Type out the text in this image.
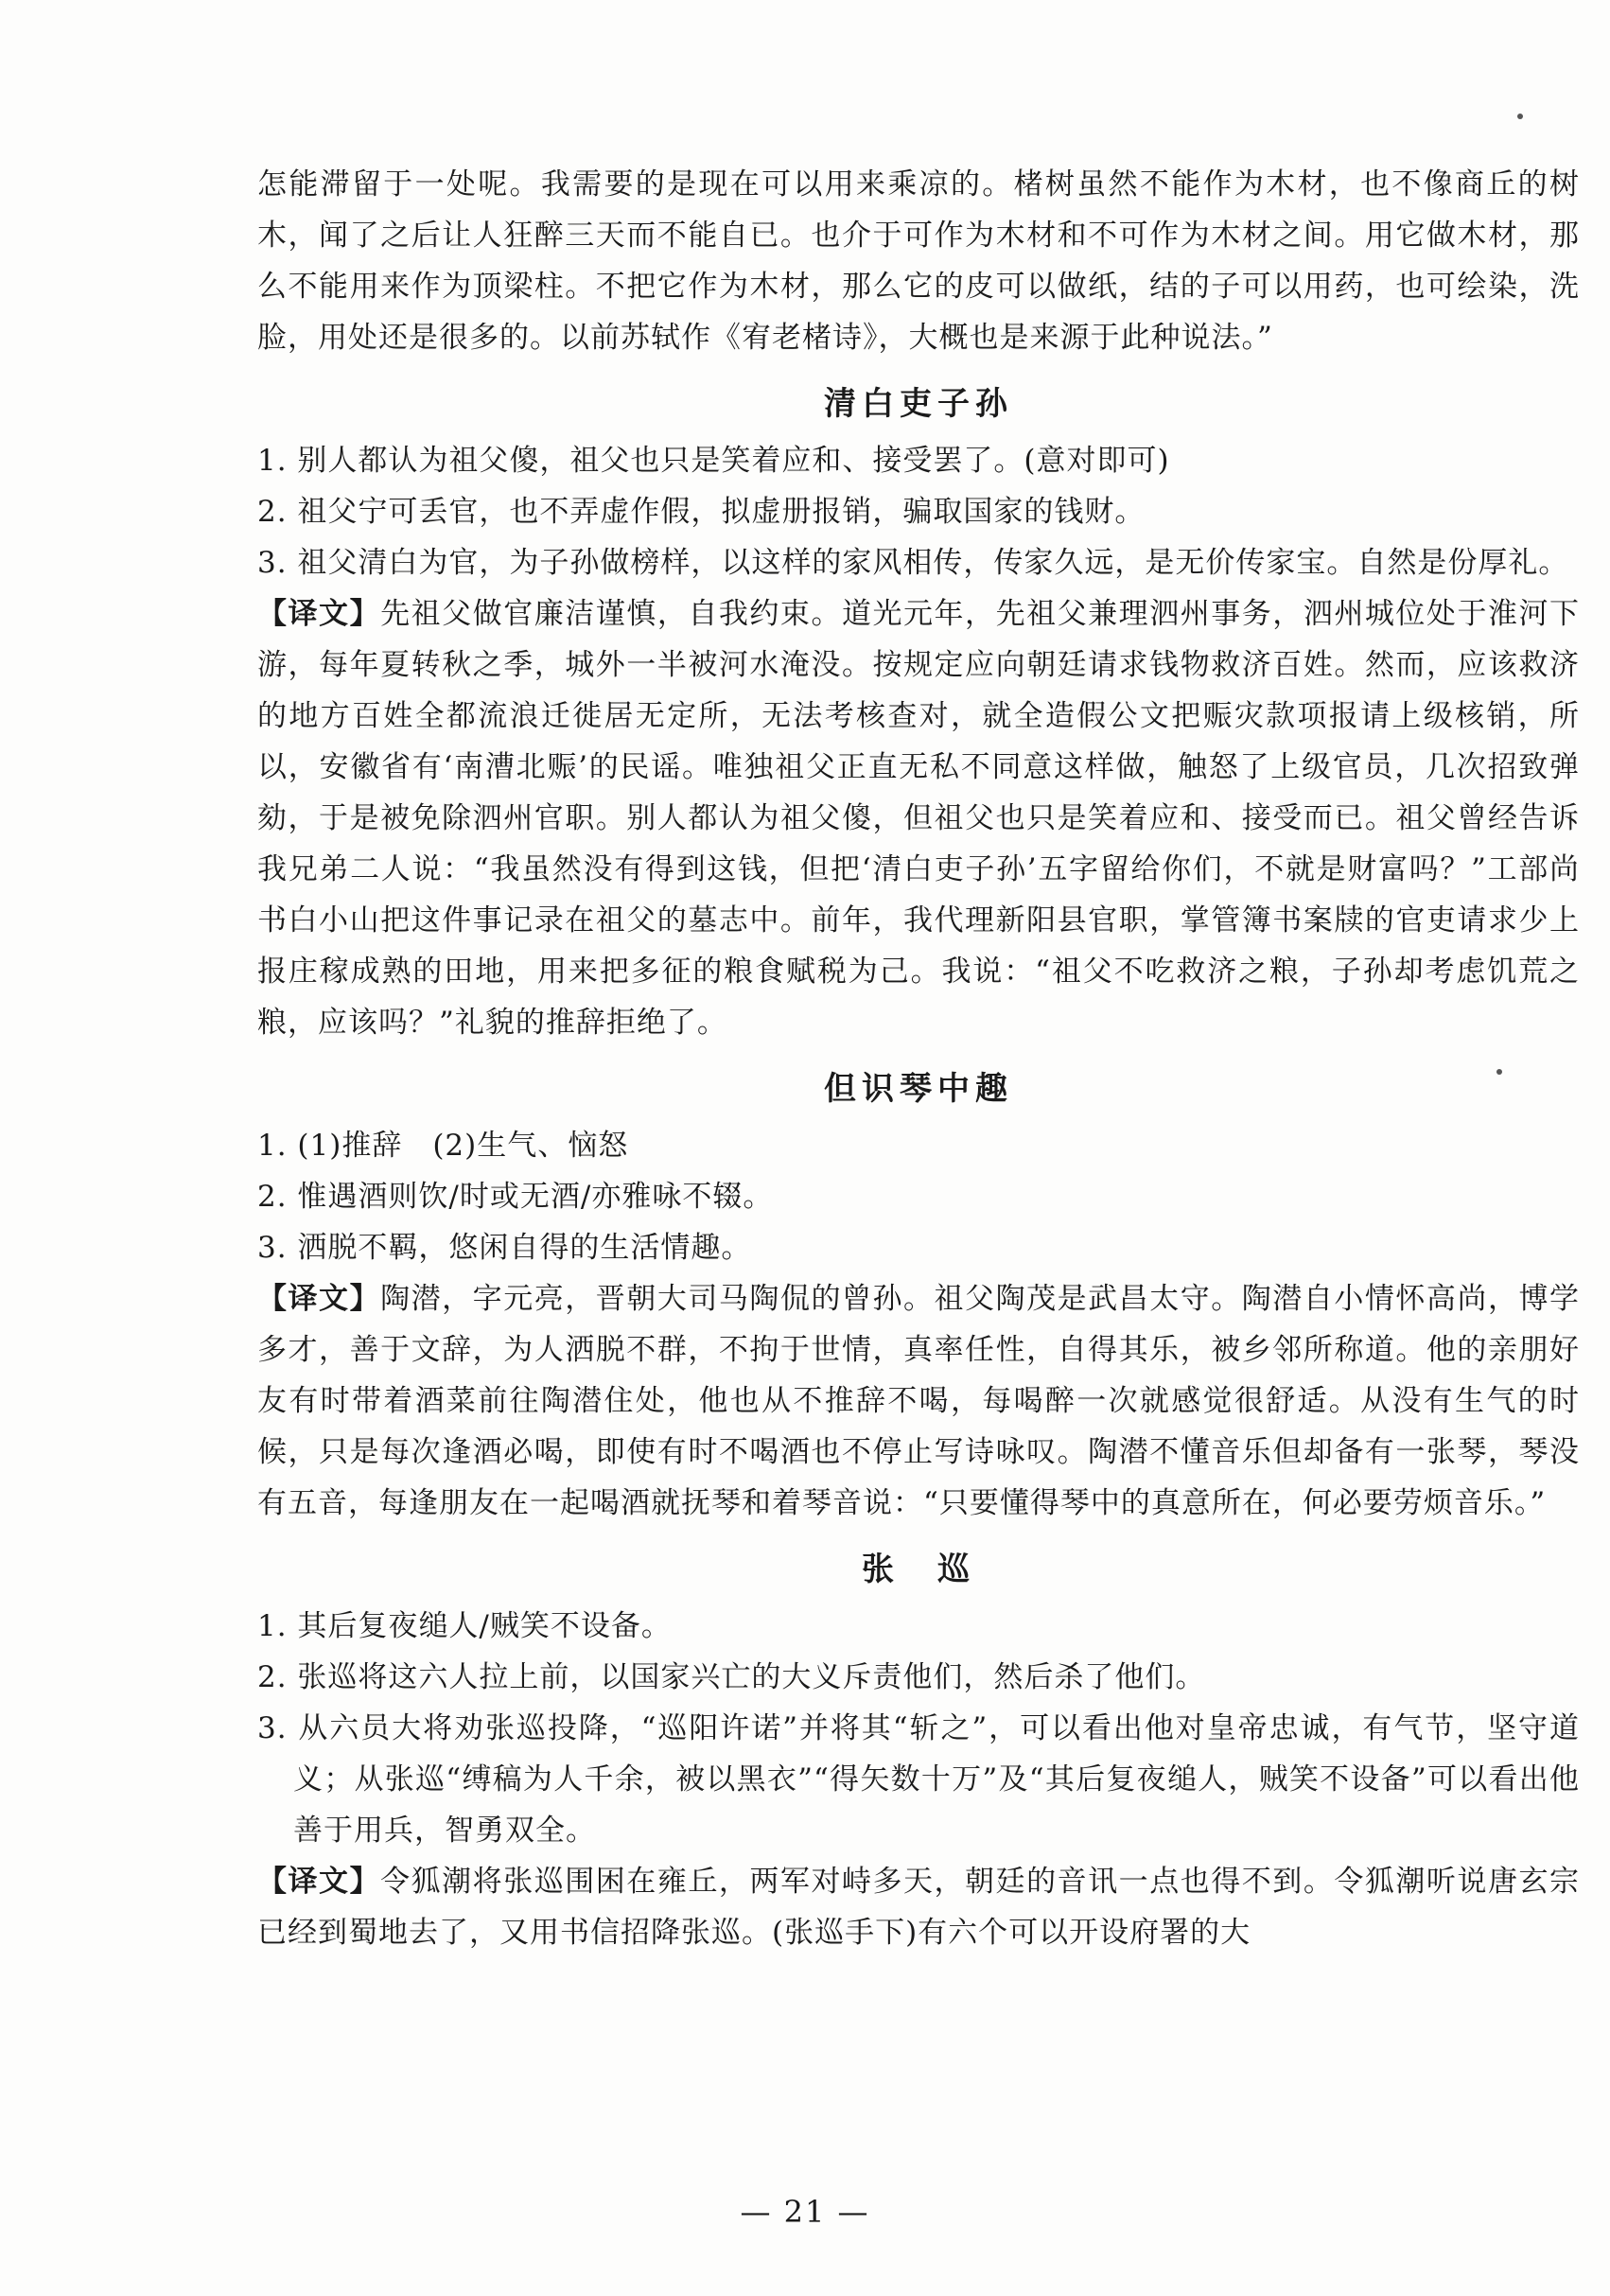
怎能滞留于一处呢。我需要的是现在可以用来乘凉的。楮树虽然不能作为木材，也不像商丘的树木，闻了之后让人狂醉三天而不能自已。也介于可作为木材和不可作为木材之间。用它做木材，那么不能用来作为顶梁柱。不把它作为木材，那么它的皮可以做纸，结的子可以用药，也可绘染，洗脸，用处还是很多的。以前苏轼作《宥老楮诗》，大概也是来源于此种说法。”

清白吏子孙
1. 别人都认为祖父傻，祖父也只是笑着应和、接受罢了。(意对即可)
2. 祖父宁可丢官，也不弄虚作假，拟虚册报销，骗取国家的钱财。
3. 祖父清白为官，为子孙做榜样，以这样的家风相传，传家久远，是无价传家宝。自然是份厚礼。

【译文】先祖父做官廉洁谨慎，自我约束。道光元年，先祖父兼理泗州事务，泗州城位处于淮河下游，每年夏转秋之季，城外一半被河水淹没。按规定应向朝廷请求钱物救济百姓。然而，应该救济的地方百姓全都流浪迁徙居无定所，无法考核查对，就全造假公文把赈灾款项报请上级核销，所以，安徽省有‘南漕北赈’的民谣。唯独祖父正直无私不同意这样做，触怒了上级官员，几次招致弹劾，于是被免除泗州官职。别人都认为祖父傻，但祖父也只是笑着应和、接受而已。祖父曾经告诉我兄弟二人说：“我虽然没有得到这钱，但把‘清白吏子孙’五字留给你们，不就是财富吗？”工部尚书白小山把这件事记录在祖父的墓志中。前年，我代理新阳县官职，掌管簿书案牍的官吏请求少上报庄稼成熟的田地，用来把多征的粮食赋税为己。我说：“祖父不吃救济之粮，子孙却考虑饥荒之粮，应该吗？”礼貌的推辞拒绝了。

但识琴中趣
1. (1)推辞　(2)生气、恼怒
2. 惟遇酒则饮/时或无酒/亦雅咏不辍。
3. 洒脱不羁，悠闲自得的生活情趣。

【译文】陶潜，字元亮，晋朝大司马陶侃的曾孙。祖父陶茂是武昌太守。陶潜自小情怀高尚，博学多才，善于文辞，为人洒脱不群，不拘于世情，真率任性，自得其乐，被乡邻所称道。他的亲朋好友有时带着酒菜前往陶潜住处，他也从不推辞不喝，每喝醉一次就感觉很舒适。从没有生气的时候，只是每次逢酒必喝，即使有时不喝酒也不停止写诗咏叹。陶潜不懂音乐但却备有一张琴，琴没有五音，每逢朋友在一起喝酒就抚琴和着琴音说：“只要懂得琴中的真意所在，何必要劳烦音乐。”

张　巡
1. 其后复夜缒人/贼笑不设备。
2. 张巡将这六人拉上前，以国家兴亡的大义斥责他们，然后杀了他们。
3. 从六员大将劝张巡投降，“巡阳许诺”并将其“斩之”，可以看出他对皇帝忠诚，有气节，坚守道义；从张巡“缚稿为人千余，被以黑衣”“得矢数十万”及“其后复夜缒人，贼笑不设备”可以看出他善于用兵，智勇双全。

【译文】令狐潮将张巡围困在雍丘，两军对峙多天，朝廷的音讯一点也得不到。令狐潮听说唐玄宗已经到蜀地去了，又用书信招降张巡。(张巡手下)有六个可以开设府署的大

— 21 —
